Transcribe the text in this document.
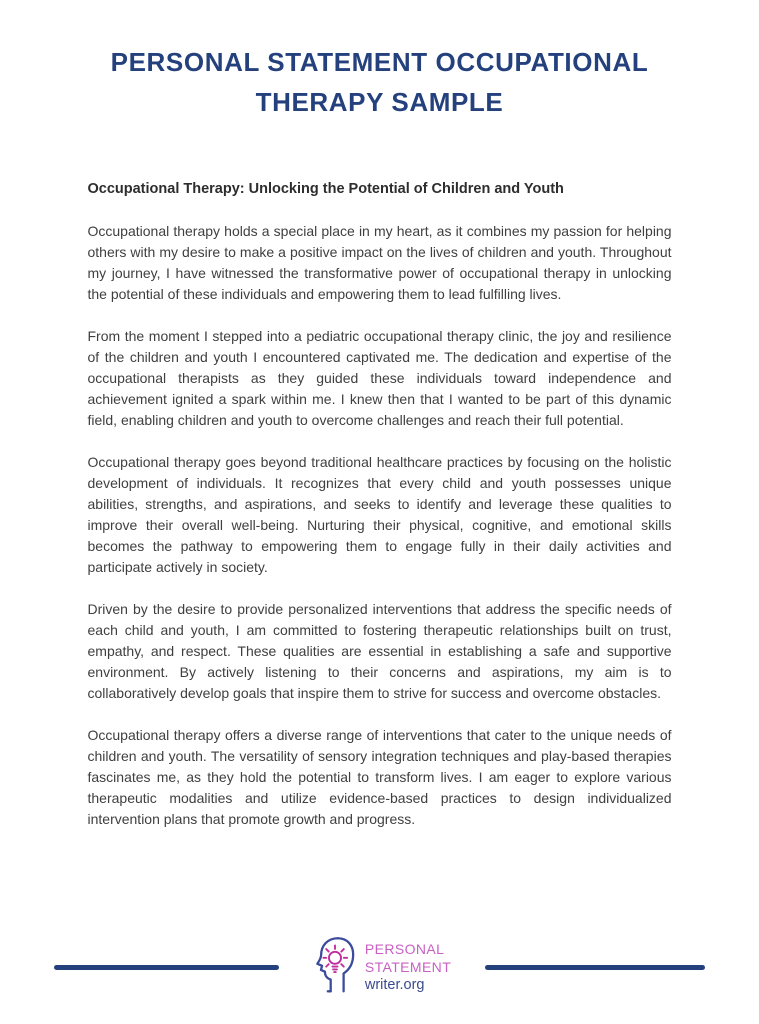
PERSONAL STATEMENT OCCUPATIONAL THERAPY SAMPLE
Occupational Therapy: Unlocking the Potential of Children and Youth

Occupational therapy holds a special place in my heart, as it combines my passion for helping others with my desire to make a positive impact on the lives of children and youth. Throughout my journey, I have witnessed the transformative power of occupational therapy in unlocking the potential of these individuals and empowering them to lead fulfilling lives.

From the moment I stepped into a pediatric occupational therapy clinic, the joy and resilience of the children and youth I encountered captivated me. The dedication and expertise of the occupational therapists as they guided these individuals toward independence and achievement ignited a spark within me. I knew then that I wanted to be part of this dynamic field, enabling children and youth to overcome challenges and reach their full potential.

Occupational therapy goes beyond traditional healthcare practices by focusing on the holistic development of individuals. It recognizes that every child and youth possesses unique abilities, strengths, and aspirations, and seeks to identify and leverage these qualities to improve their overall well-being. Nurturing their physical, cognitive, and emotional skills becomes the pathway to empowering them to engage fully in their daily activities and participate actively in society.

Driven by the desire to provide personalized interventions that address the specific needs of each child and youth, I am committed to fostering therapeutic relationships built on trust, empathy, and respect. These qualities are essential in establishing a safe and supportive environment. By actively listening to their concerns and aspirations, my aim is to collaboratively develop goals that inspire them to strive for success and overcome obstacles.

Occupational therapy offers a diverse range of interventions that cater to the unique needs of children and youth. The versatility of sensory integration techniques and play-based therapies fascinates me, as they hold the potential to transform lives. I am eager to explore various therapeutic modalities and utilize evidence-based practices to design individualized intervention plans that promote growth and progress.

PERSONAL
STATEMENT
writer.org
